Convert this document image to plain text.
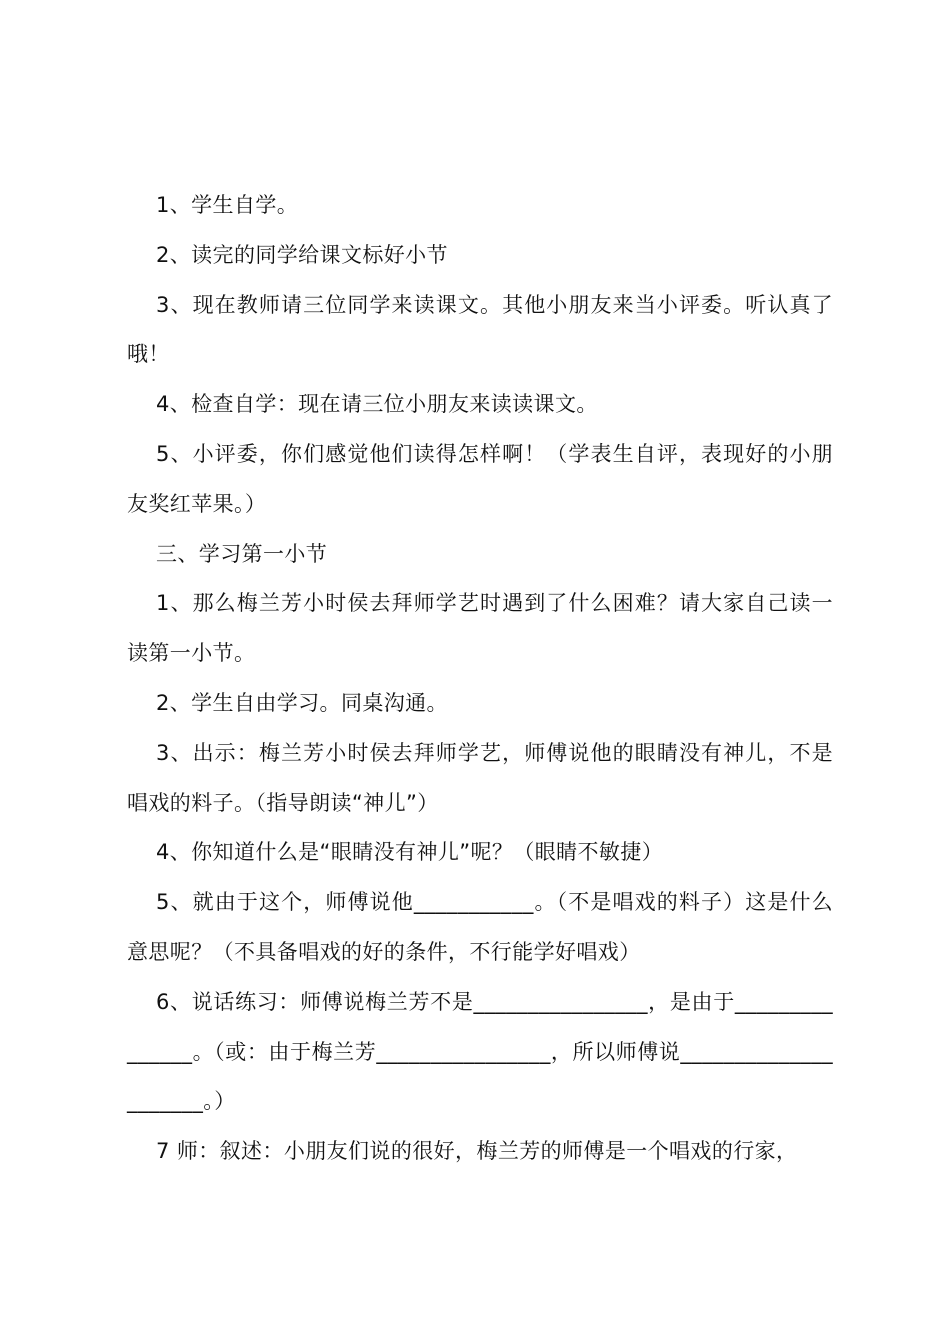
1、学生自学。

2、读完的同学给课文标好小节

3、现在教师请三位同学来读课文。其他小朋友来当小评委。听认真了哦！

4、检查自学：现在请三位小朋友来读读课文。

5、小评委，你们感觉他们读得怎样啊！（学表生自评，表现好的小朋友奖红苹果。）

三、学习第一小节

1、那么梅兰芳小时侯去拜师学艺时遇到了什么困难？请大家自己读一读第一小节。

2、学生自由学习。同桌沟通。

3、出示：梅兰芳小时侯去拜师学艺，师傅说他的眼睛没有神儿，不是唱戏的料子。（指导朗读“神儿”）

4、你知道什么是“眼睛没有神儿”呢？（眼睛不敏捷）

5、就由于这个，师傅说他___________。（不是唱戏的料子）这是什么意思呢？（不具备唱戏的好的条件，不行能学好唱戏）

6、说话练习：师傅说梅兰芳不是________________，是由于_______________。（或：由于梅兰芳________________，所以师傅说_____________________。）

7 师：叙述：小朋友们说的很好，梅兰芳的师傅是一个唱戏的行家，
